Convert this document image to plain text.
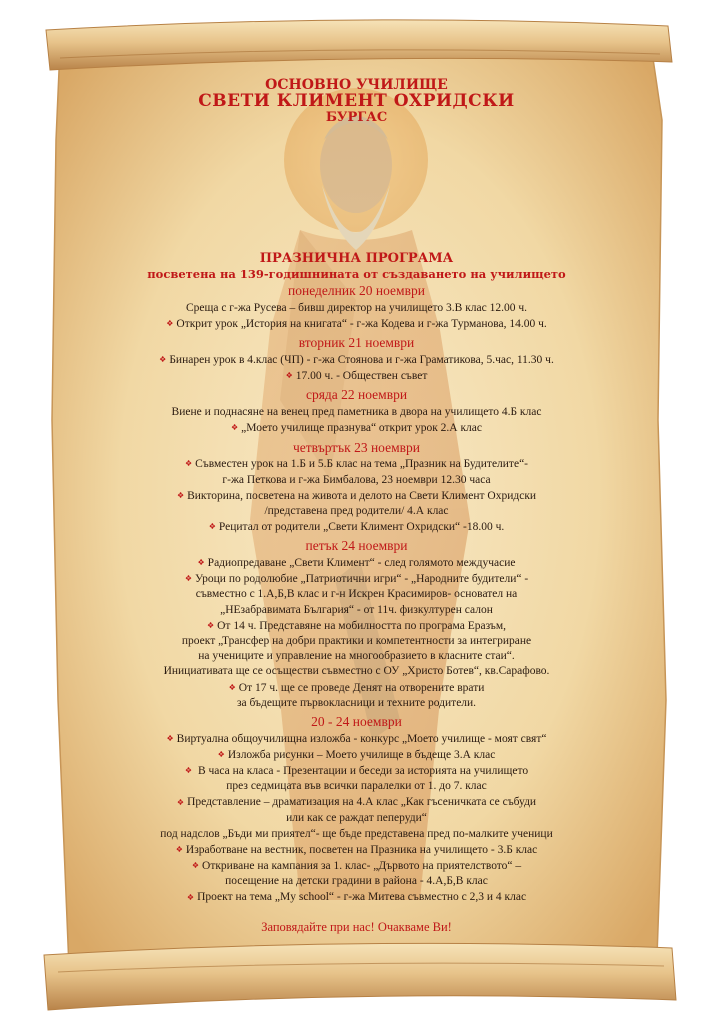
ОСНОВНО УЧИЛИЩЕ
СВЕТИ КЛИМЕНТ ОХРИДСКИ
БУРГАС
ПРАЗНИЧНА ПРОГРАМА
посветена на 139-годишнината от създаването на училището
понеделник 20 ноември
Среща с г-жа Русева – бивш директор на училището 3.В клас 12.00 ч.
❖ Открит урок „История на книгата“ - г-жа Кодева и г-жа Турманова, 14.00 ч.
вторник 21 ноември
❖ Бинарен урок в 4.клас (ЧП) - г-жа Стоянова и г-жа Граматикова, 5.час, 11.30 ч.
❖ 17.00 ч. - Обществен съвет
сряда 22 ноември
Виене и поднасяне на венец пред паметника в двора на училището 4.Б клас
❖ „Моето училище празнува“ открит урок 2.А клас
четвъртък 23 ноември
❖ Съвместен урок на 1.Б и 5.Б клас на тема „Празник на Будителите“-
г-жа Петкова и г-жа Бимбалова, 23 ноември 12.30 часа
❖ Викторина, посветена на живота и делото на Свети Климент Охридски
/представена пред родители/ 4.А клас
❖ Рецитал от родители „Свети Климент Охридски“ -18.00 ч.
петък 24 ноември
❖ Радиопредаване „Свети Климент“ - след голямото междучасие
❖ Уроци по родолюбие „Патриотични игри“ - „Народните будители“ -
съвместно с 1.А,Б,В клас и г-н Искрен Красимиров- основател на
„НЕзабравимата България“ - от 11ч. физкултурен салон
❖ От 14 ч. Представяне на мобилността по програма Еразъм,
проект „Трансфер на добри практики и компетентности за интегриране
на учениците и управление на многообразието в класните стаи“.
Инициативата ще се осъществи съвместно с ОУ „Христо Ботев“, кв.Сарафово.
❖ От 17 ч. ще се проведе Денят на отворените врати
за бъдещите първокласници и техните родители.
20 - 24 ноември
❖ Виртуална общоучилищна изложба - конкурс „Моето училище - моят свят“
❖ Изложба рисунки – Моето училище в бъдеще 3.А клас
❖ В часа на класа - Презентации и беседи за историята на училището
през седмицата във всички паралелки от 1. до 7. клас
❖ Представление – драматизация на 4.А клас „Как гъсеничката се събуди
или как се раждат пеперуди“
под надслов „Бъди ми приятел“- ще бъде представена пред по-малките ученици
❖ Изработване на вестник, посветен на Празника на училището - 3.Б клас
❖ Откриване на кампания за 1. клас- „Дървото на приятелството“ –
посещение на детски градини в района - 4.А,Б,В клас
❖ Проект на тема „My school“ - г-жа Митева съвместно с 2,3 и 4 клас
Заповядайте при нас! Очакваме Ви!
